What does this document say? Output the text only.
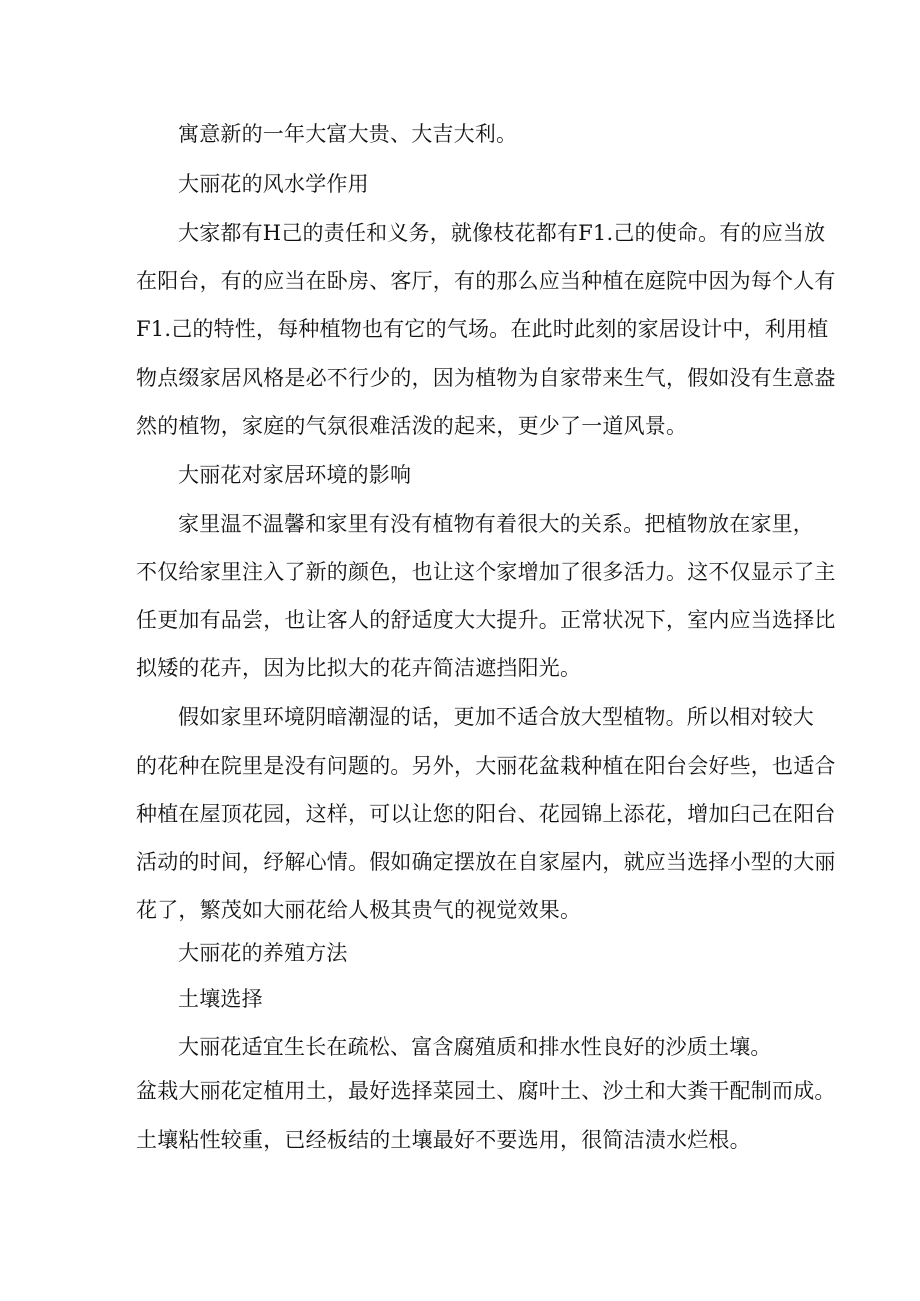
寓意新的一年大富大贵、大吉大利。
大丽花的风水学作用
大家都有H己的责任和义务，就像枝花都有F1.己的使命。有的应当放
在阳台，有的应当在卧房、客厅，有的那么应当种植在庭院中因为每个人有
F1.己的特性，每种植物也有它的气场。在此时此刻的家居设计中，利用植
物点缀家居风格是必不行少的，因为植物为自家带来生气，假如没有生意盎
然的植物，家庭的气氛很难活泼的起来，更少了一道风景。
大丽花对家居环境的影响
家里温不温馨和家里有没有植物有着很大的关系。把植物放在家里，
不仅给家里注入了新的颜色，也让这个家增加了很多活力。这不仅显示了主
任更加有品尝，也让客人的舒适度大大提升。正常状况下，室内应当选择比
拟矮的花卉，因为比拟大的花卉简洁遮挡阳光。
假如家里环境阴暗潮湿的话，更加不适合放大型植物。所以相对较大
的花种在院里是没有问题的。另外，大丽花盆栽种植在阳台会好些，也适合
种植在屋顶花园，这样，可以让您的阳台、花园锦上添花，增加臼己在阳台
活动的时间，纾解心情。假如确定摆放在自家屋内，就应当选择小型的大丽
花了，繁茂如大丽花给人极其贵气的视觉效果。
大丽花的养殖方法
土壤选择
大丽花适宜生长在疏松、富含腐殖质和排水性良好的沙质土壤。
盆栽大丽花定植用土，最好选择菜园土、腐叶土、沙土和大粪干配制而成。
土壤粘性较重，已经板结的土壤最好不要选用，很简洁渍水烂根。
